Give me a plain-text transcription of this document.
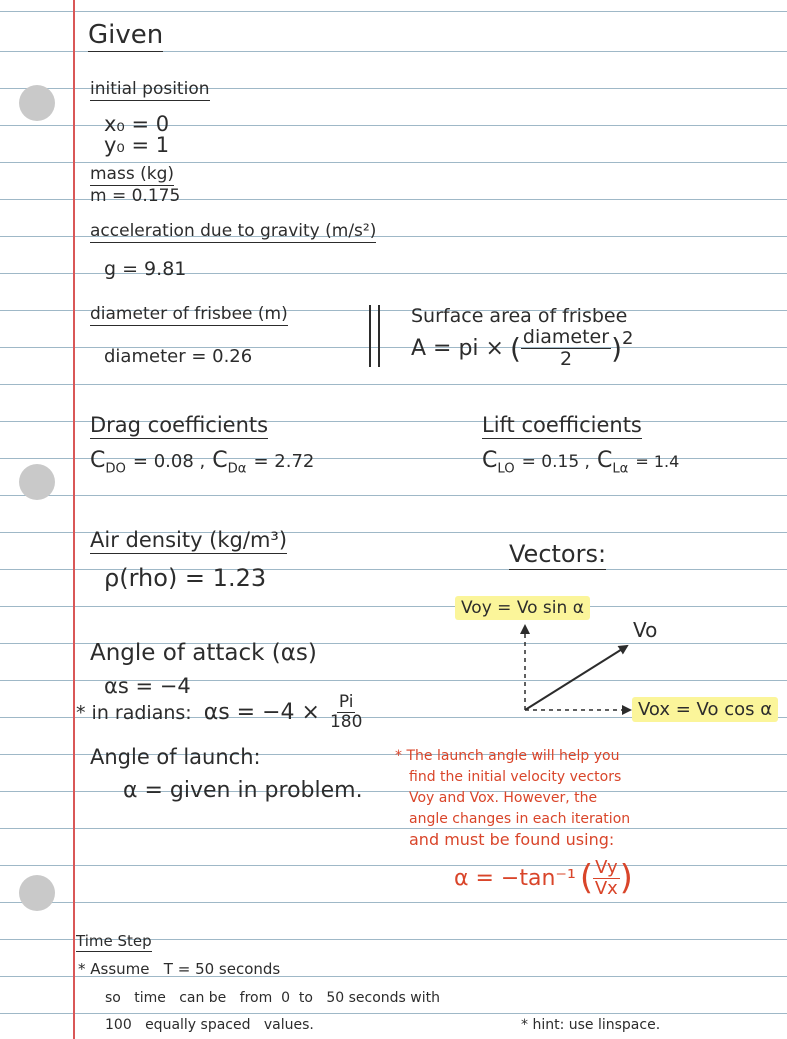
Given
initial position
x₀ = 0
y₀ = 1
mass (kg)
m = 0.175
acceleration due to gravity (m/s²)
g = 9.81
diameter of frisbee (m)
diameter = 0.26
Surface area of frisbee
A = pi × ( $\frac{\text{diameter}}{2}$ ) 2
Drag coefficients
$C_{DO} = 0.08$ , $C_{D\alpha} = 2.72$
Lift coefficients
$C_{LO} = 0.15$ , $C_{L\alpha} = 1.4$
Air density (kg/m³)
ρ(rho) = 1.23
Vectors:
Voy = Vo sin α
Vo
Vox = Vo cos α
Angle of attack (αs)
αs = −4
* in radians: $\alpha s = -4 \times \frac{Pi}{180}$
Angle of launch:
α = given in problem.
* The launch angle will help you
find the initial velocity vectors
Voy and Vox. However, the
angle changes in each iteration
and must be found using:
α = −tan⁻¹ ( $\frac{Vy}{Vx}$ )
Time Step
* Assume   T = 50 seconds
so   time   can be   from  0  to   50 seconds with
100   equally spaced   values.	* hint: use linspace.
